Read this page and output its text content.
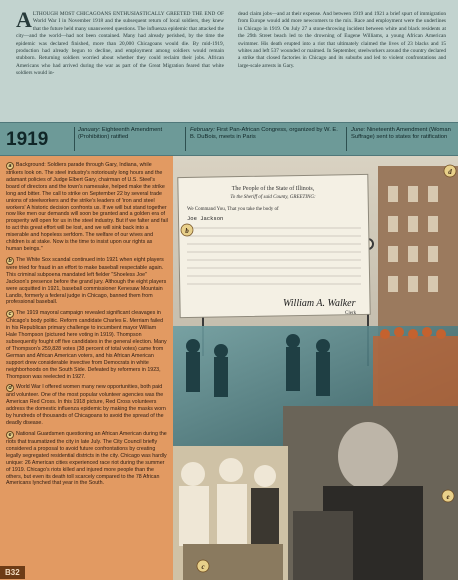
ALTHOUGH MOST CHICAGOANS ENTHUSIASTICALLY GREETED THE END OF World War I in November 1918 and the subsequent return of local soldiers, they knew that the future held many unanswered questions. The influenza epidemic that attacked the city—and the world—had not been contained. Many had already perished, by the time the epidemic was declared finished, more than 20,000 Chicagoans would die. By mid-1919, production had already begun to decline, and employment among soldiers would remain stubborn. Returning soldiers worried about whether they could reclaim their jobs. African Americans who had arrived during the war as part of the Great Migration feared that white soldiers would in-

dead claim jobs—and at their expense. And between 1919 and 1921 a brief spurt of immigration from Europe would add more newcomers to the mix. Race and employment were the underlines in Chicago in 1919. On July 27 a stone-throwing incident between white and black residents at the 29th Street beach led to the drowning of Eugene Williams, a young African American swimmer. His death erupted into a riot that ultimately claimed the lives of 23 blacks and 15 whites and left 537 wounded or maimed. In September, steelworkers around the country declared a strike that closed factories in Chicago and its suburbs and led to violent confrontations and large-scale arrests in Gary.

1919	January: Eighteenth Amendment (Prohibition) ratified
February: First Pan-African Congress, organized by W. E. B. DuBois, meets in Paris
June: Nineteenth Amendment (Woman Suffrage) sent to states for ratification
a Background: Soldiers parade through Gary, Indiana, while strikers look on. The steel industry's notoriously long hours and the adamant policies of Judge Elbert Gary, chairman of U.S. Steel's board of directors and the town's namesake, helped make the strike long and bitter. The call to strike on September 22 by several trade unions of steelworkers and the strike's leaders of 'iron and steel workers' A historic decision confronts us. If we will but stand together now like men our demands will soon be granted and a golden era of prosperity will open for us in the steel industry. But if we falter and fail to act this great effort will be lost, and we will sink back into a miserable and hopeless serfdom. The welfare of our wives and children is at stake. Now is the time to insist upon our rights as human beings."
b The White Sox scandal continued into 1921 when eight players were tried for fraud in an effort to make baseball respectable again. This criminal subpoena mandated left fielder "Shoeless Joe" Jackson's presence before the grand jury. Although the eight players were acquitted in 1921, baseball commissioner Kenesaw Mountain Landis, formerly a federal judge in Chicago, banned them from professional baseball.
c The 1919 mayoral campaign revealed significant cleavages in Chicago's body politic. Reform candidate Charles E. Merriam failed in his Republican primary challenge to incumbent mayor William Hale Thompson (pictured here voting in 1919). Thompson subsequently fought off five candidates in the general election. Many of Thompson's 259,828 votes (38 percent of total votes) came from German and African American voters, and his African American support drew considerable invective from Democrats in white neighborhoods on the South Side. Defeated by reformers in 1923, Thompson was reelected in 1927.
d World War I offered women many new opportunities, both paid and volunteer. One of the most popular volunteer agencies was the American Red Cross. In this 1918 picture, Red Cross volunteers address the domestic influenza epidemic by making the masks worn by hundreds of thousands of Chicagoans to avoid the spread of the deadly disease.
e National Guardsmen questioning an African American during the riots that traumatized the city in late July. The City Council briefly considered a proposal to avoid future confrontations by creating legally segregated residential districts in the city. Chicago was hardly unique: 26 American cities experienced race riot during the summer of 1919. Chicago's riots killed and injured more people than the others, but even its death toll scarcely compared to the 78 African Americans lynched that year in the South.
B32
The People of the State of Illinois,
To the Sheriff of said County, GREETING:
We Command You, That you take the body of
Joe Jackson
William A. Walker
Clerk
d
b
c
e
